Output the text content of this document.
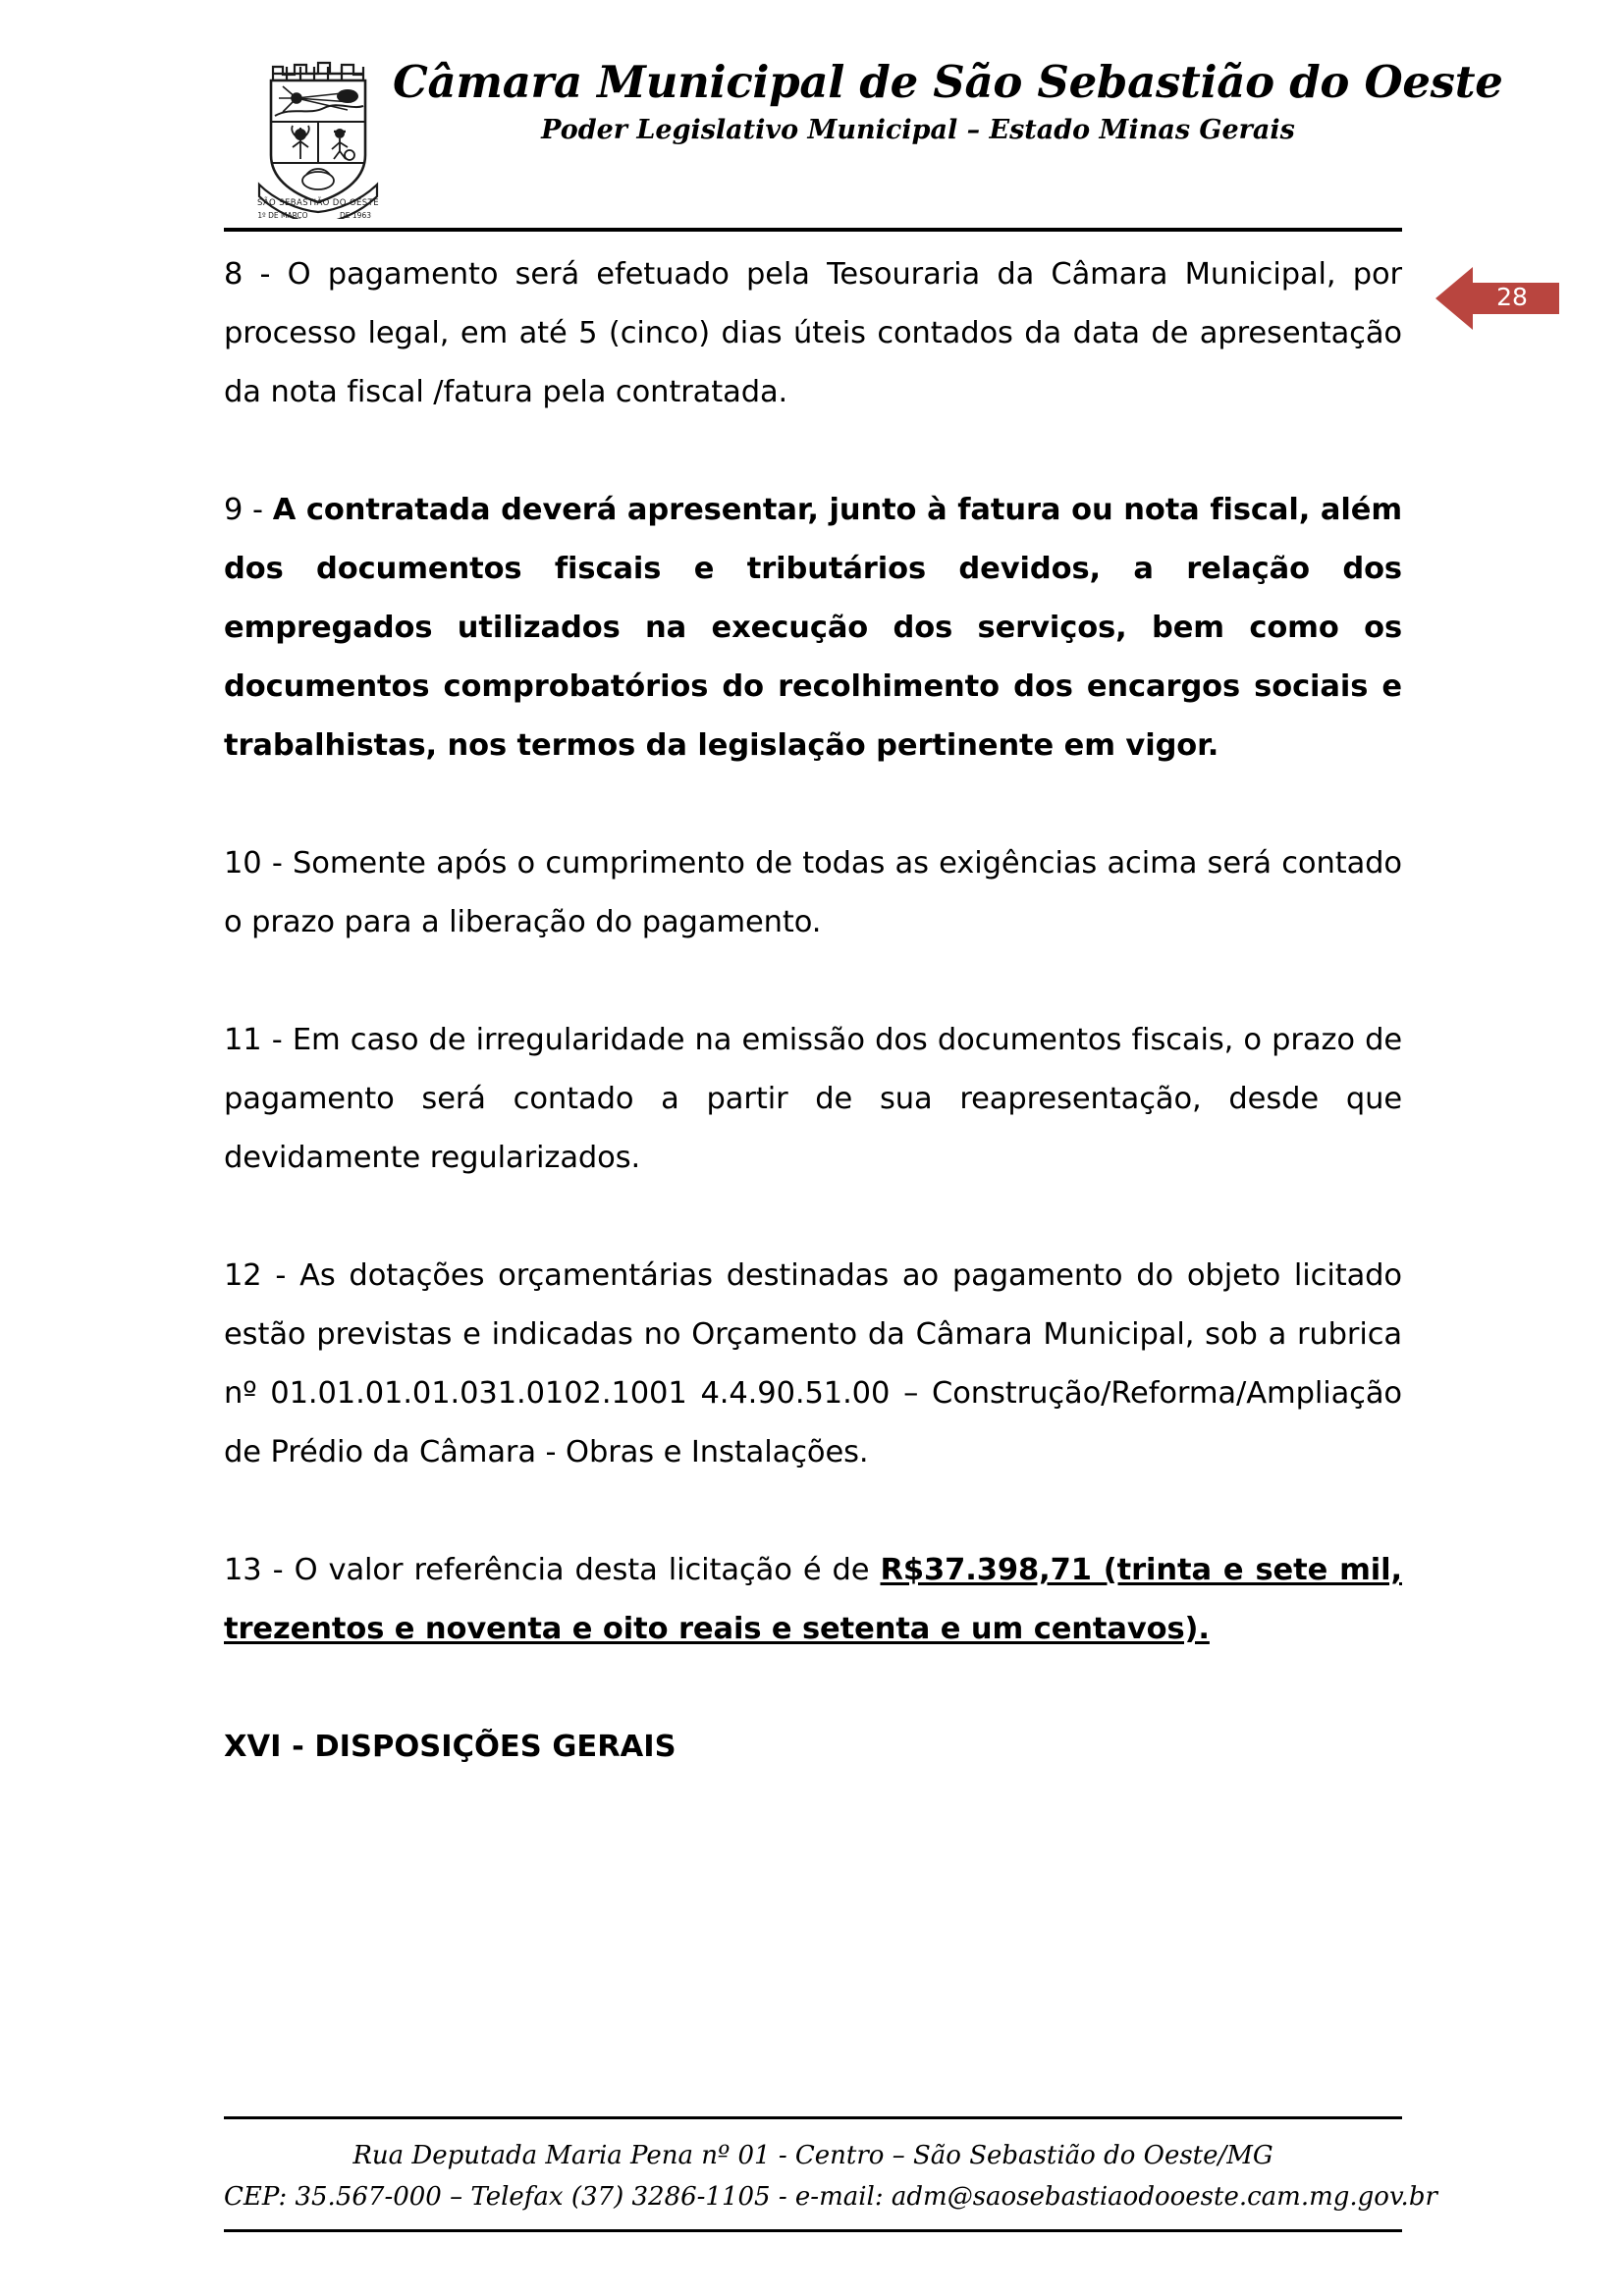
SÃO SEBASTIÃO DO OESTE
1º DE MARÇO	DE 1963
Câmara Municipal de São Sebastião do Oeste
Poder Legislativo Municipal – Estado Minas Gerais
28

8 - O pagamento será efetuado pela Tesouraria da Câmara Municipal, por processo legal, em até 5 (cinco) dias úteis contados da data de apresentação da nota fiscal /fatura pela contratada.

9 - A contratada deverá apresentar, junto à fatura ou nota fiscal, além dos documentos fiscais e tributários devidos, a relação dos empregados utilizados na execução dos serviços, bem como os documentos comprobatórios do recolhimento dos encargos sociais e trabalhistas, nos termos da legislação pertinente em vigor.

10 - Somente após o cumprimento de todas as exigências acima será contado o prazo para a liberação do pagamento.

11 - Em caso de irregularidade na emissão dos documentos fiscais, o prazo de pagamento será contado a partir de sua reapresentação, desde que devidamente regularizados.

12 - As dotações orçamentárias destinadas ao pagamento do objeto licitado estão previstas e indicadas no Orçamento da Câmara Municipal, sob a rubrica nº 01.01.01.01.031.0102.1001 4.4.90.51.00 – Construção/Reforma/Ampliação de Prédio da Câmara - Obras e Instalações.

13 - O valor referência desta licitação é de R$37.398,71 (trinta e sete mil, trezentos e noventa e oito reais e setenta e um centavos).

XVI - DISPOSIÇÕES GERAIS
Rua Deputada Maria Pena nº 01 - Centro – São Sebastião do Oeste/MG
CEP: 35.567-000 – Telefax (37) 3286-1105 - e-mail: adm@saosebastiaodooeste.cam.mg.gov.br
